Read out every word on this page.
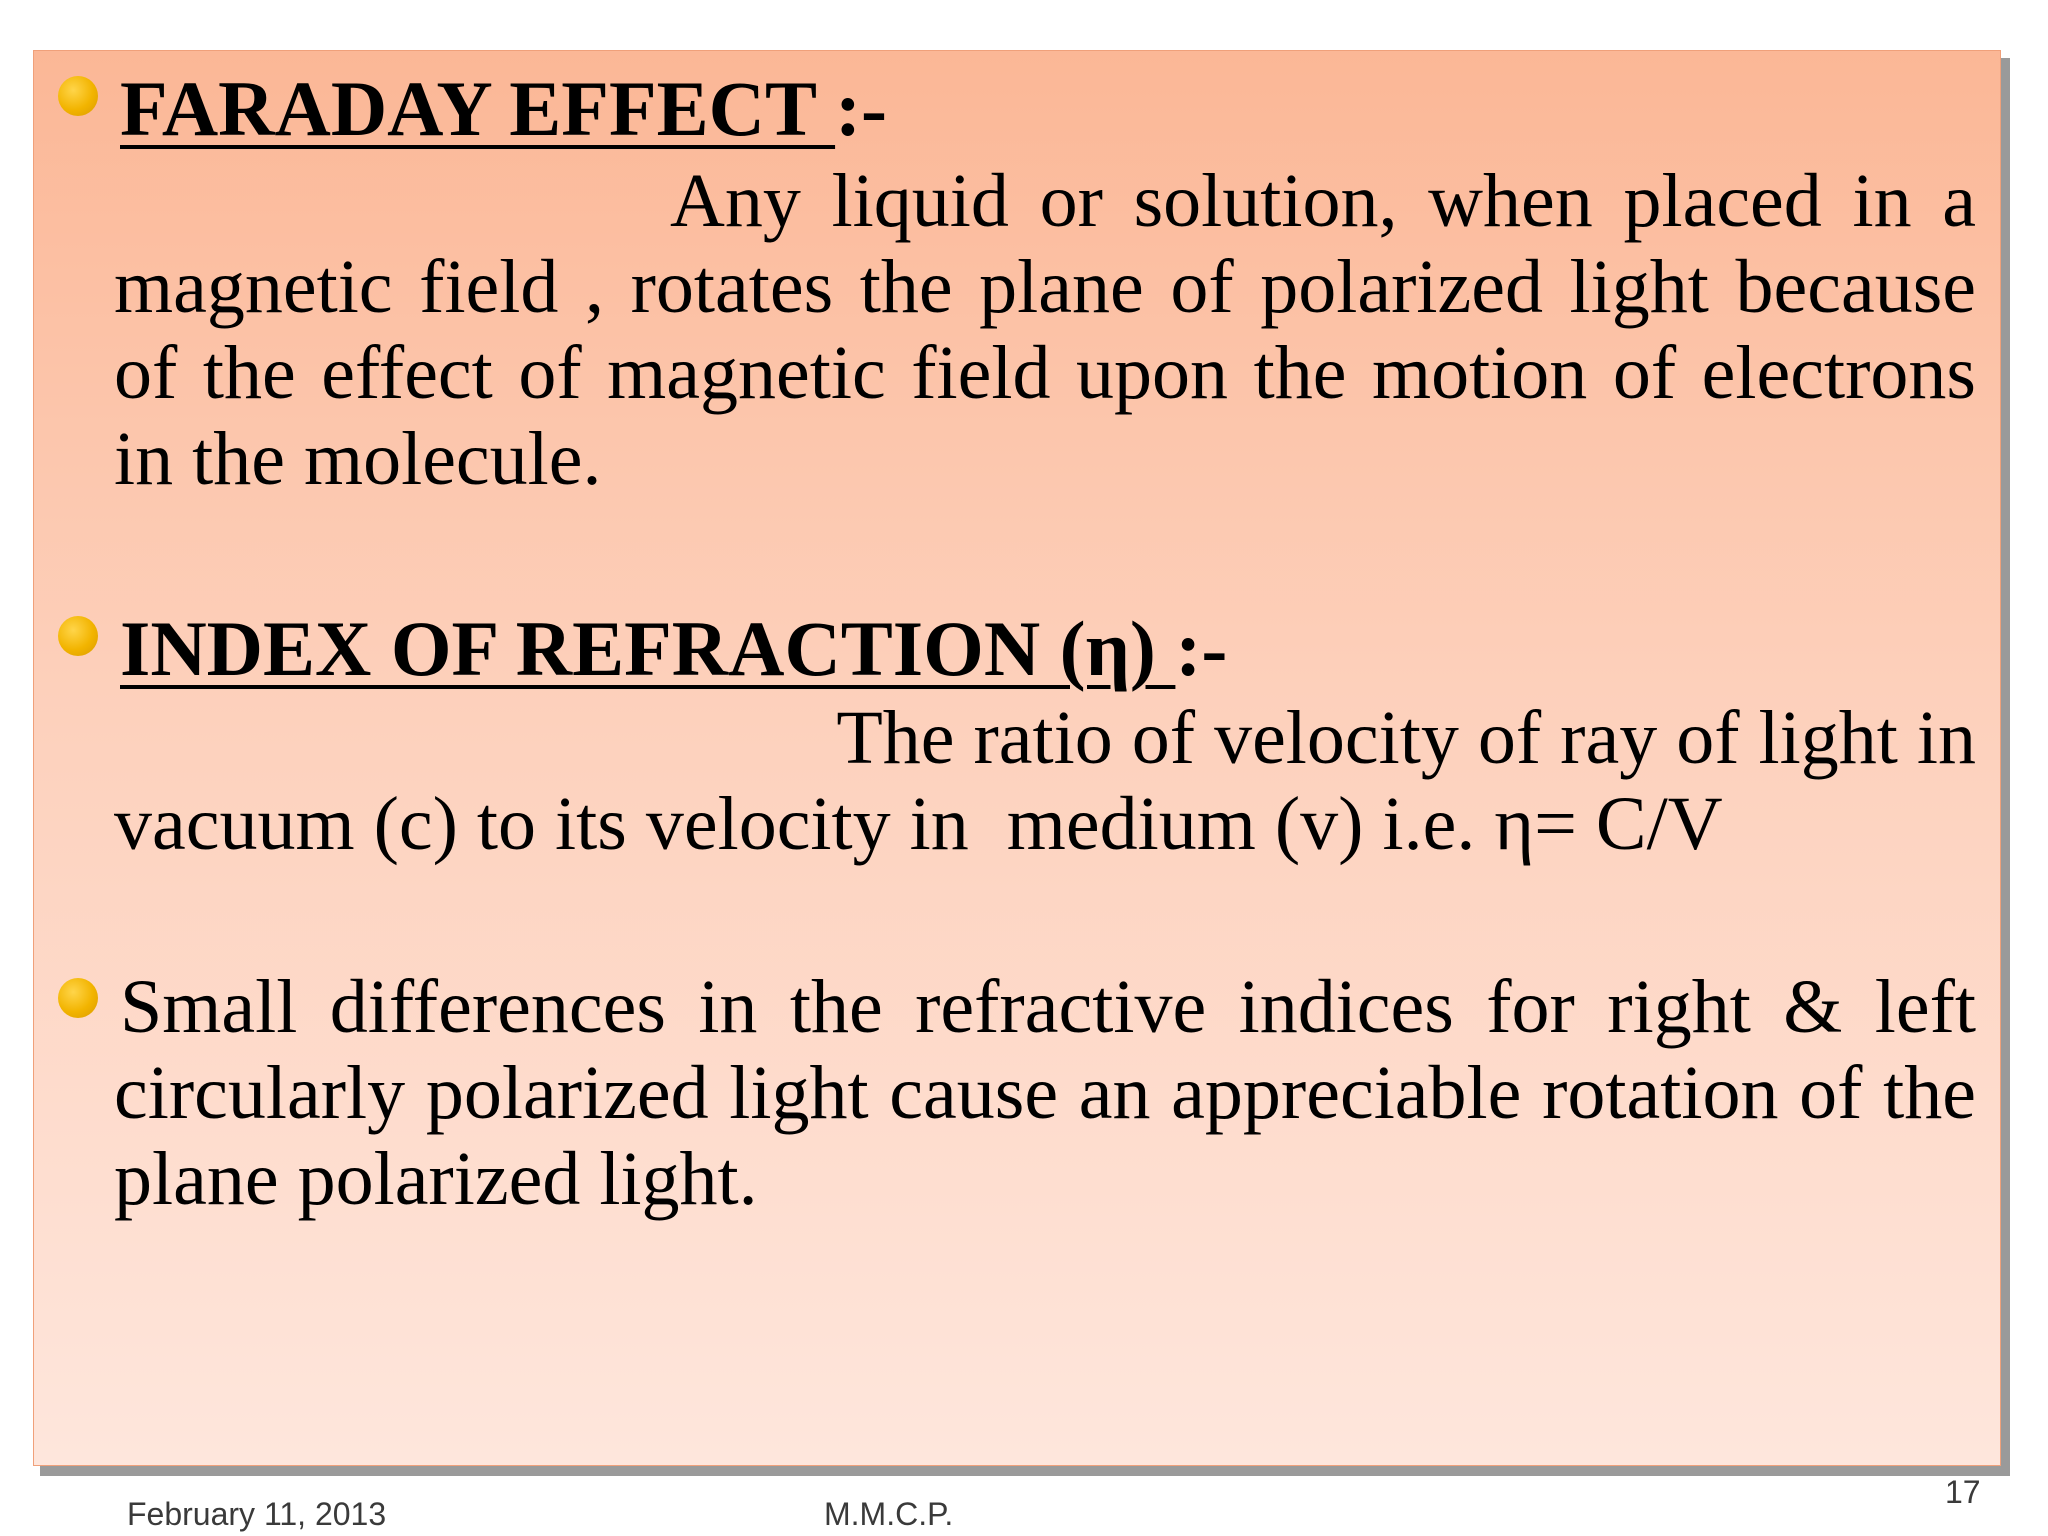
FARADAY EFFECT :-
Any liquid or solution, when placed in a magnetic field , rotates the plane of polarized light because of the effect of magnetic field upon the motion of electrons in the molecule.
INDEX OF REFRACTION (η) :-
The ratio of velocity of ray of light in
vacuum (c) to its velocity in  medium (v) i.e. η= C/V
Small differences in the refractive indices for right & left circularly polarized light cause an appreciable rotation of the plane polarized light.
February 11, 2013	M.M.C.P.
17
